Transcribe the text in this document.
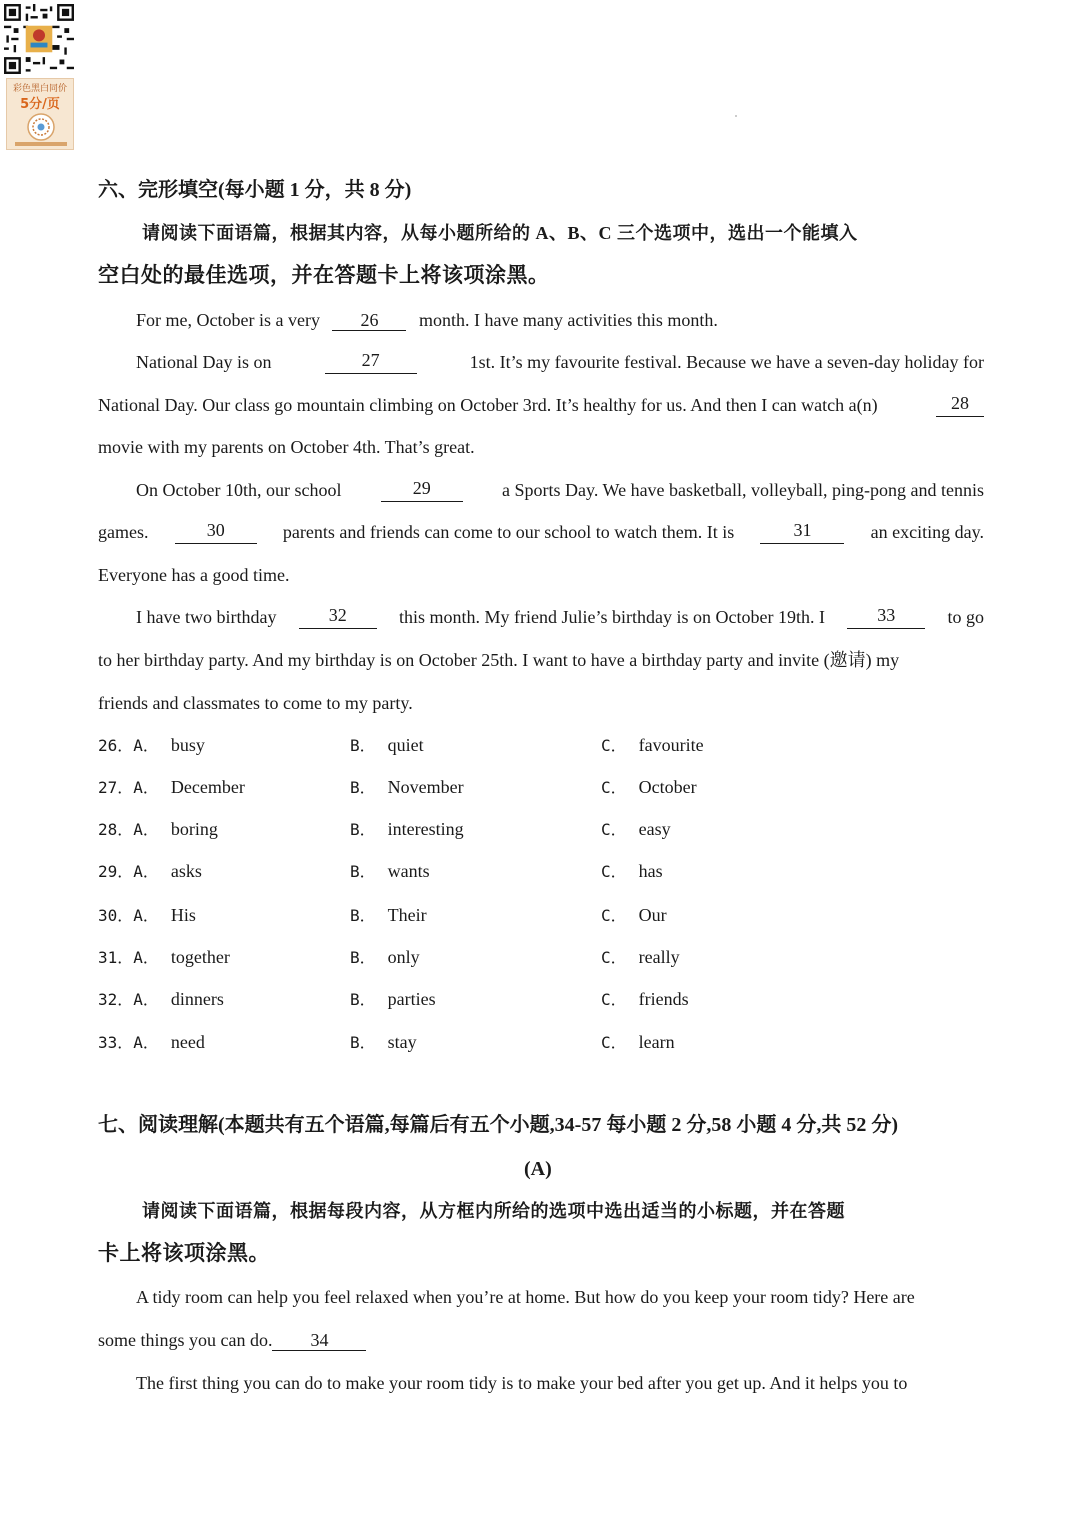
彩色黑白同价
5分/页
六、完形填空(每小题 1 分，共 8 分)
请阅读下面语篇，根据其内容，从每小题所给的 A、B、C 三个选项中，选出一个能填入
空白处的最佳选项，并在答题卡上将该项涂黑。
For me, October is a very 26 month. I have many activities this month.
National Day is on	27	1st. It’s my favourite festival. Because we have a seven-day holiday for
National Day. Our class go mountain climbing on October 3rd. It’s healthy for us. And then I can watch a(n)	28
movie with my parents on October 4th. That’s great.
On October 10th, our school	29	a Sports Day. We have basketball, volleyball, ping-pong and tennis
games.	30	parents and friends can come to our school to watch them. It is	31	an exciting day.
Everyone has a good time.
I have two birthday	32	this month. My friend Julie’s birthday is on October 19th. I	33	to go
to her birthday party. And my birthday is on October 25th. I want to have a birthday party and invite (邀请) my
friends and classmates to come to my party.
26．A． busy	B． quiet	C． favourite
27．A． December	B． November	C． October
28．A． boring	B． interesting	C． easy
29．A． asks	B． wants	C． has
30．A． His	B． Their	C． Our
31．A． together	B． only	C． really
32．A． dinners	B． parties	C． friends
33．A． need	B． stay	C． learn
七、阅读理解(本题共有五个语篇,每篇后有五个小题,34-57 每小题 2 分,58 小题 4 分,共 52 分)
(A)
请阅读下面语篇，根据每段内容，从方框内所给的选项中选出适当的小标题，并在答题
卡上将该项涂黑。
A tidy room can help you feel relaxed when you’re at home. But how do you keep your room tidy? Here are
some things you can do. 34
The first thing you can do to make your room tidy is to make your bed after you get up. And it helps you to
